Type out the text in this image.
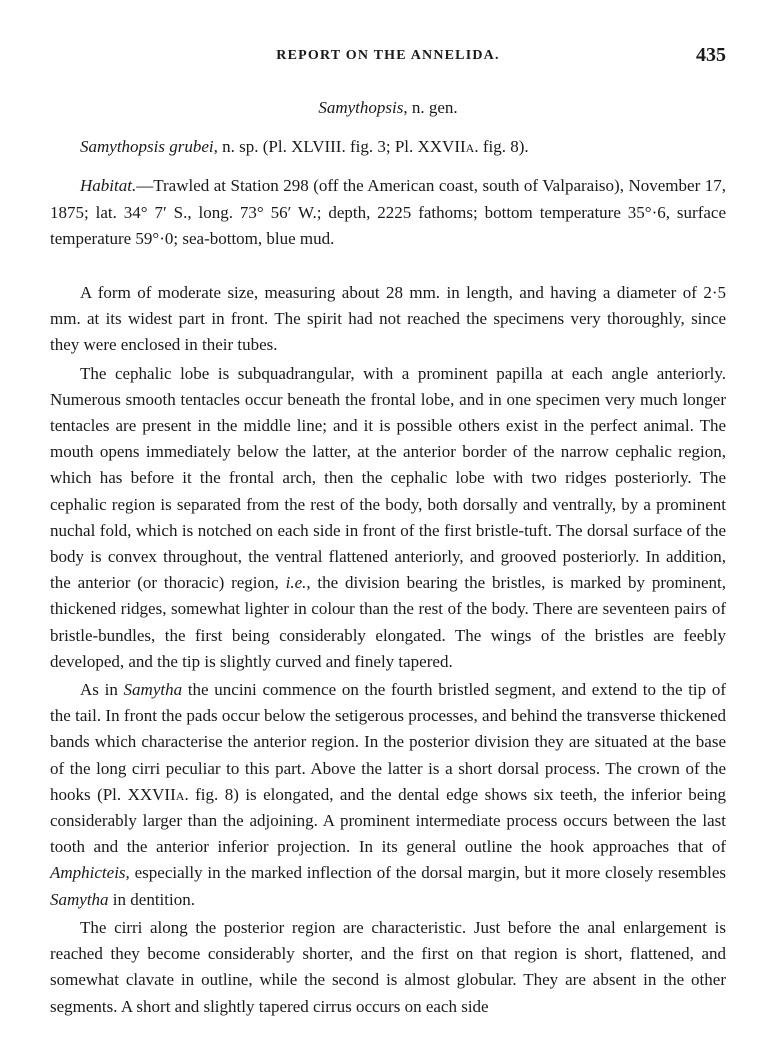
REPORT ON THE ANNELIDA.	435

Samythopsis, n. gen.

Samythopsis grubei, n. sp. (Pl. XLVIII. fig. 3; Pl. XXVIIa. fig. 8).

Habitat.—Trawled at Station 298 (off the American coast, south of Valparaiso), November 17, 1875; lat. 34° 7′ S., long. 73° 56′ W.; depth, 2225 fathoms; bottom temperature 35°·6, surface temperature 59°·0; sea-bottom, blue mud.

A form of moderate size, measuring about 28 mm. in length, and having a diameter of 2·5 mm. at its widest part in front. The spirit had not reached the specimens very thoroughly, since they were enclosed in their tubes.

The cephalic lobe is subquadrangular, with a prominent papilla at each angle anteriorly. Numerous smooth tentacles occur beneath the frontal lobe, and in one specimen very much longer tentacles are present in the middle line; and it is possible others exist in the perfect animal. The mouth opens immediately below the latter, at the anterior border of the narrow cephalic region, which has before it the frontal arch, then the cephalic lobe with two ridges posteriorly. The cephalic region is separated from the rest of the body, both dorsally and ventrally, by a prominent nuchal fold, which is notched on each side in front of the first bristle-tuft. The dorsal surface of the body is convex throughout, the ventral flattened anteriorly, and grooved posteriorly. In addition, the anterior (or thoracic) region, i.e., the division bearing the bristles, is marked by prominent, thickened ridges, somewhat lighter in colour than the rest of the body. There are seventeen pairs of bristle-bundles, the first being considerably elongated. The wings of the bristles are feebly developed, and the tip is slightly curved and finely tapered.

As in Samytha the uncini commence on the fourth bristled segment, and extend to the tip of the tail. In front the pads occur below the setigerous processes, and behind the transverse thickened bands which characterise the anterior region. In the posterior division they are situated at the base of the long cirri peculiar to this part. Above the latter is a short dorsal process. The crown of the hooks (Pl. XXVIIa. fig. 8) is elongated, and the dental edge shows six teeth, the inferior being considerably larger than the adjoining. A prominent intermediate process occurs between the last tooth and the anterior inferior projection. In its general outline the hook approaches that of Amphicteis, especially in the marked inflection of the dorsal margin, but it more closely resembles Samytha in dentition.

The cirri along the posterior region are characteristic. Just before the anal enlargement is reached they become considerably shorter, and the first on that region is short, flattened, and somewhat clavate in outline, while the second is almost globular. They are absent in the other segments. A short and slightly tapered cirrus occurs on each side
